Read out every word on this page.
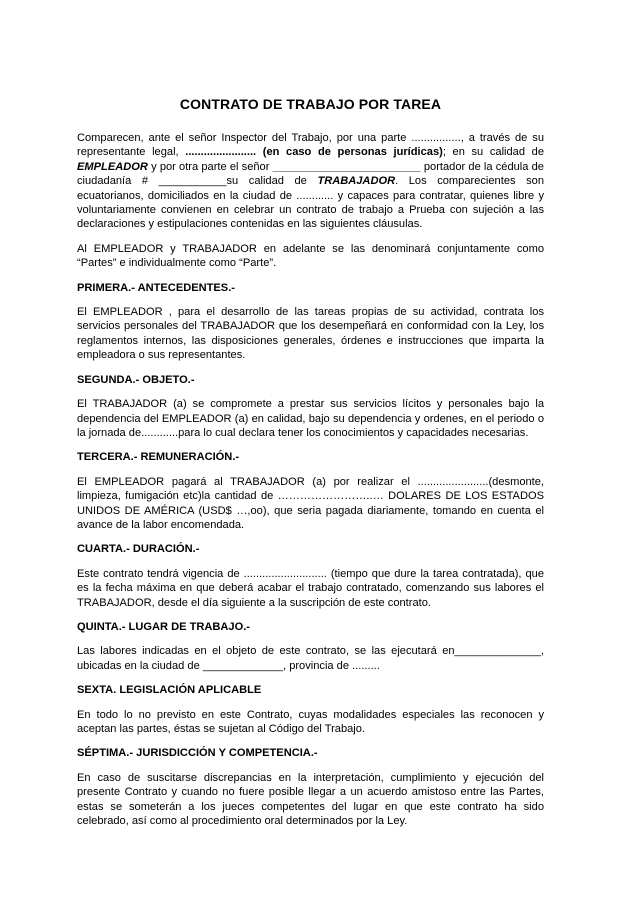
CONTRATO DE TRABAJO POR TAREA

Comparecen, ante el señor Inspector del Trabajo, por una parte ................, a través de su representante legal, ....................... (en caso de personas jurídicas); en su calidad de EMPLEADOR y por otra parte el señor ________________________ portador de la cédula de ciudadanía # ___________su calidad de TRABAJADOR. Los comparecientes son ecuatorianos, domiciliados en la ciudad de ............ y capaces para contratar, quienes libre y voluntariamente convienen en celebrar un contrato de trabajo a Prueba con sujeción a las declaraciones y estipulaciones contenidas en las siguientes cláusulas.

Al EMPLEADOR y TRABAJADOR en adelante se las denominará conjuntamente como “Partes” e individualmente como “Parte”.

PRIMERA.- ANTECEDENTES.-

El EMPLEADOR , para el desarrollo de las tareas propias de su actividad, contrata los servicios personales del TRABAJADOR que los desempeñará en conformidad con la Ley, los reglamentos internos, las disposiciones generales, órdenes e instrucciones que imparta la empleadora o sus representantes.

SEGUNDA.- OBJETO.-

El TRABAJADOR (a) se compromete a prestar sus servicios lícitos y personales bajo la dependencia del EMPLEADOR (a) en calidad, bajo su dependencia y ordenes, en el periodo o la jornada de............para lo cual declara tener los conocimientos y capacidades necesarias.

TERCERA.- REMUNERACIÓN.-

El EMPLEADOR pagará al TRABAJADOR (a) por realizar el .......................(desmonte, limpieza, fumigación etc)la cantidad de ……………………..… DOLARES DE LOS ESTADOS UNIDOS DE AMÉRICA (USD$ …,oo), que seria pagada diariamente, tomando en cuenta el avance de la labor encomendada.

CUARTA.- DURACIÓN.-

Este contrato tendrá vigencia de ........................... (tiempo que dure la tarea contratada), que es la fecha máxima en que deberá acabar el trabajo contratado, comenzando sus labores el TRABAJADOR, desde el día siguiente a la suscripción de este contrato.

QUINTA.- LUGAR DE TRABAJO.-

Las labores indicadas en el objeto de este contrato, se las ejecutará en______________, ubicadas en la ciudad de _____________, provincia de .........

SEXTA. LEGISLACIÓN APLICABLE

En todo lo no previsto en este Contrato, cuyas modalidades especiales las reconocen y aceptan las partes, éstas se sujetan al Código del Trabajo.

SÉPTIMA.- JURISDICCIÓN Y COMPETENCIA.-

En caso de suscitarse discrepancias en la interpretación, cumplimiento y ejecución del presente Contrato y cuando no fuere posible llegar a un acuerdo amistoso entre las Partes, estas se someterán a los jueces competentes del lugar en que este contrato ha sido celebrado, así como al procedimiento oral determinados por la Ley.
